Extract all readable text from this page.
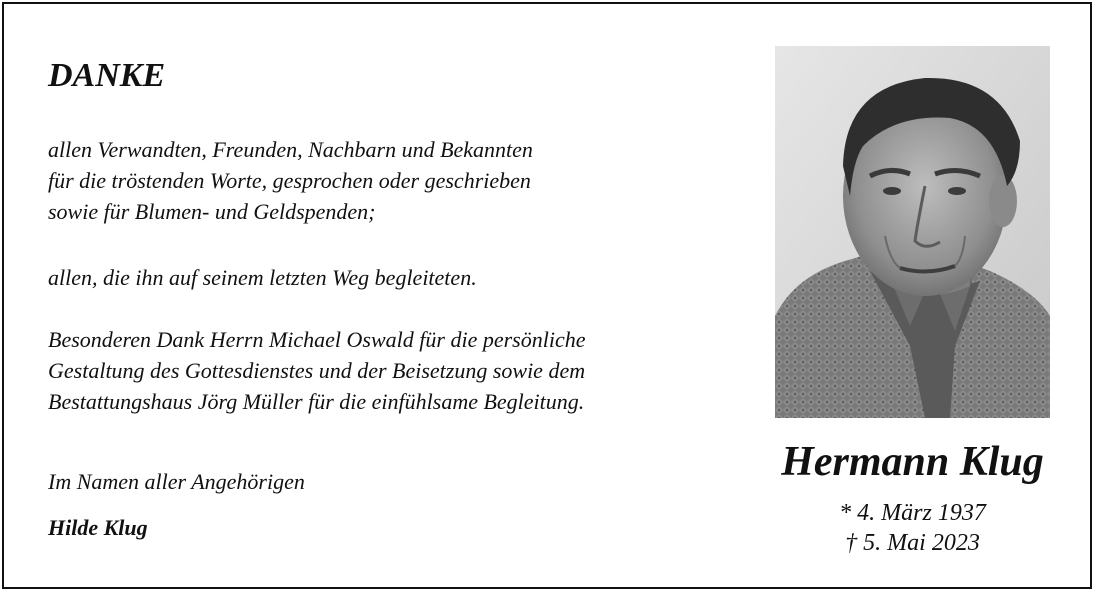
DANKE
allen Verwandten, Freunden, Nachbarn und Bekannten
für die tröstenden Worte, gesprochen oder geschrieben
sowie für Blumen- und Geldspenden;
allen, die ihn auf seinem letzten Weg begleiteten.
Besonderen Dank Herrn Michael Oswald für die persönliche
Gestaltung des Gottesdienstes und der Beisetzung sowie dem
Bestattungshaus Jörg Müller für die einfühlsame Begleitung.
Im Namen aller Angehörigen
Hilde Klug
Hermann Klug
* 4. März 1937
† 5. Mai 2023
